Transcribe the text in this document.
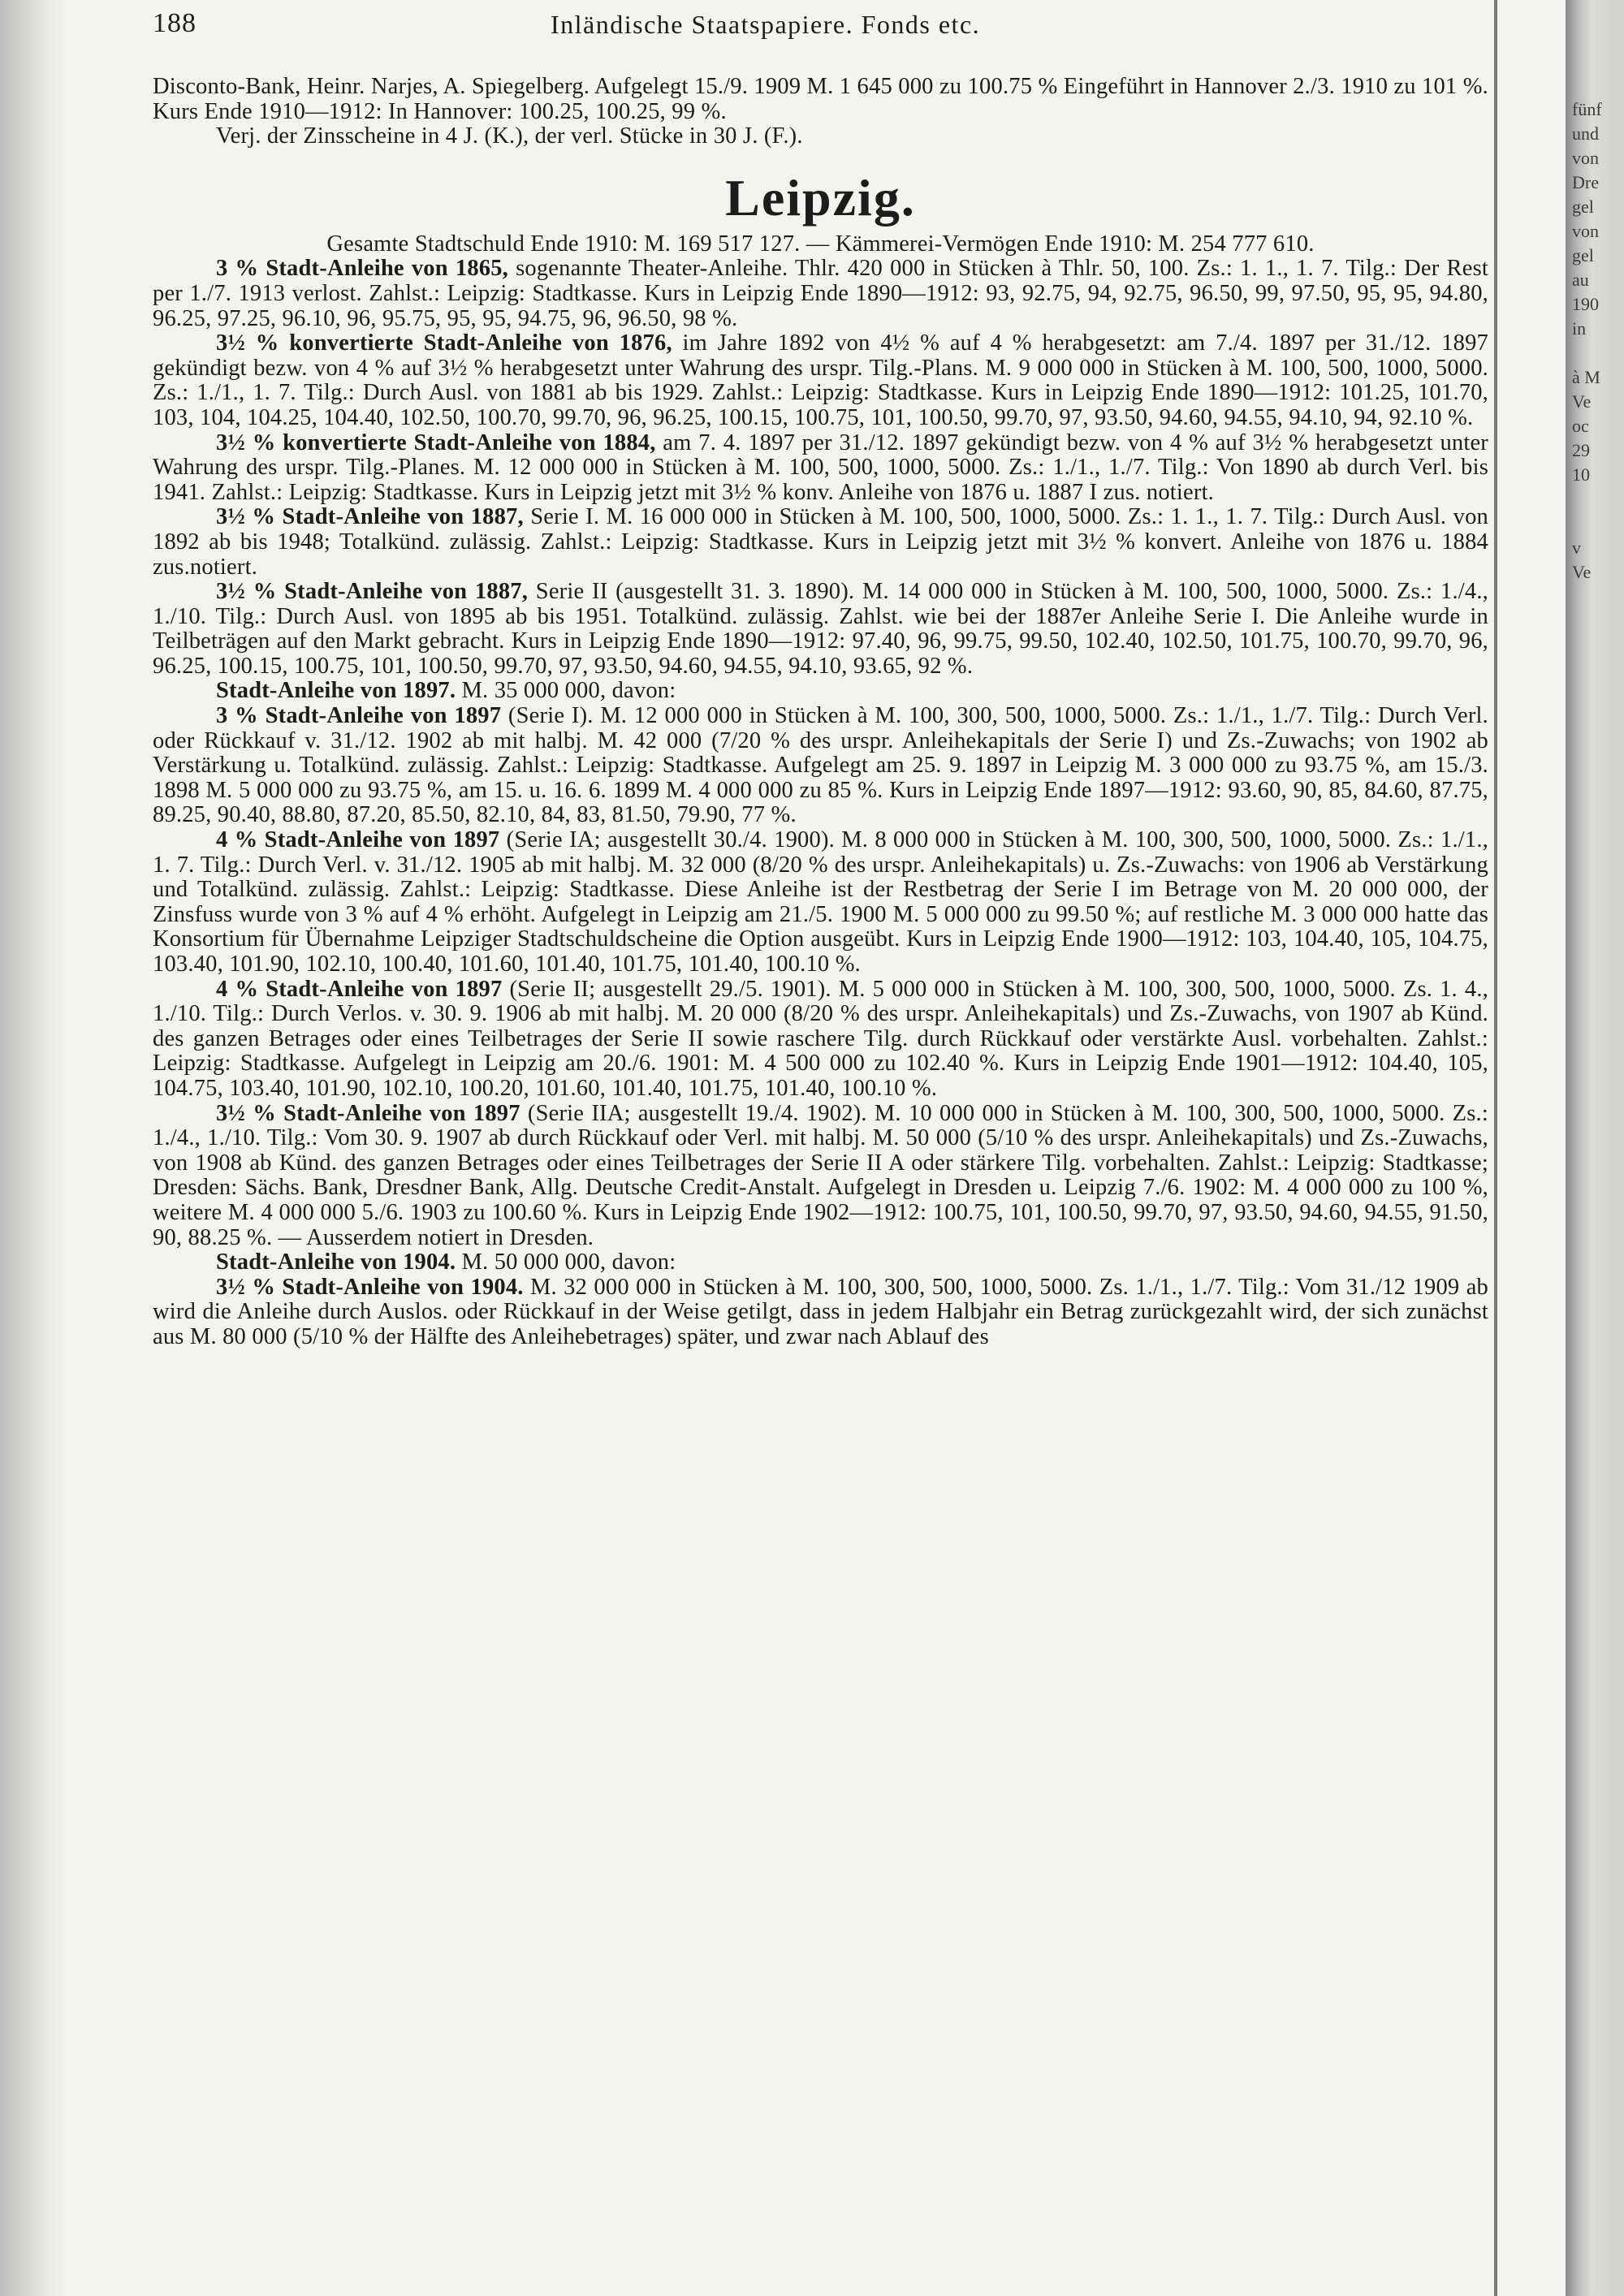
188	Inländische Staatspapiere. Fonds etc.

Disconto-Bank, Heinr. Narjes, A. Spiegelberg. Aufgelegt 15./9. 1909 M. 1 645 000 zu 100.75 % Eingeführt in Hannover 2./3. 1910 zu 101 %. Kurs Ende 1910—1912: In Hannover: 100.25, 100.25, 99 %.

Verj. der Zinsscheine in 4 J. (K.), der verl. Stücke in 30 J. (F.).

Leipzig.

Gesamte Stadtschuld Ende 1910: M. 169 517 127. — Kämmerei-Vermögen Ende 1910: M. 254 777 610.

3 % Stadt-Anleihe von 1865, sogenannte Theater-Anleihe. Thlr. 420 000 in Stücken à Thlr. 50, 100. Zs.: 1. 1., 1. 7. Tilg.: Der Rest per 1./7. 1913 verlost. Zahlst.: Leipzig: Stadtkasse. Kurs in Leipzig Ende 1890—1912: 93, 92.75, 94, 92.75, 96.50, 99, 97.50, 95, 95, 94.80, 96.25, 97.25, 96.10, 96, 95.75, 95, 95, 94.75, 96, 96.50, 98 %.

3½ % konvertierte Stadt-Anleihe von 1876, im Jahre 1892 von 4½ % auf 4 % herabgesetzt: am 7./4. 1897 per 31./12. 1897 gekündigt bezw. von 4 % auf 3½ % herabgesetzt unter Wahrung des urspr. Tilg.-Plans. M. 9 000 000 in Stücken à M. 100, 500, 1000, 5000. Zs.: 1./1., 1. 7. Tilg.: Durch Ausl. von 1881 ab bis 1929. Zahlst.: Leipzig: Stadtkasse. Kurs in Leipzig Ende 1890—1912: 101.25, 101.70, 103, 104, 104.25, 104.40, 102.50, 100.70, 99.70, 96, 96.25, 100.15, 100.75, 101, 100.50, 99.70, 97, 93.50, 94.60, 94.55, 94.10, 94, 92.10 %.

3½ % konvertierte Stadt-Anleihe von 1884, am 7. 4. 1897 per 31./12. 1897 gekündigt bezw. von 4 % auf 3½ % herabgesetzt unter Wahrung des urspr. Tilg.-Planes. M. 12 000 000 in Stücken à M. 100, 500, 1000, 5000. Zs.: 1./1., 1./7. Tilg.: Von 1890 ab durch Verl. bis 1941. Zahlst.: Leipzig: Stadtkasse. Kurs in Leipzig jetzt mit 3½ % konv. Anleihe von 1876 u. 1887 I zus. notiert.

3½ % Stadt-Anleihe von 1887, Serie I. M. 16 000 000 in Stücken à M. 100, 500, 1000, 5000. Zs.: 1. 1., 1. 7. Tilg.: Durch Ausl. von 1892 ab bis 1948; Totalkünd. zulässig. Zahlst.: Leipzig: Stadtkasse. Kurs in Leipzig jetzt mit 3½ % konvert. Anleihe von 1876 u. 1884 zus.notiert.

3½ % Stadt-Anleihe von 1887, Serie II (ausgestellt 31. 3. 1890). M. 14 000 000 in Stücken à M. 100, 500, 1000, 5000. Zs.: 1./4., 1./10. Tilg.: Durch Ausl. von 1895 ab bis 1951. Totalkünd. zulässig. Zahlst. wie bei der 1887er Anleihe Serie I. Die Anleihe wurde in Teilbeträgen auf den Markt gebracht. Kurs in Leipzig Ende 1890—1912: 97.40, 96, 99.75, 99.50, 102.40, 102.50, 101.75, 100.70, 99.70, 96, 96.25, 100.15, 100.75, 101, 100.50, 99.70, 97, 93.50, 94.60, 94.55, 94.10, 93.65, 92 %.

Stadt-Anleihe von 1897. M. 35 000 000, davon:

3 % Stadt-Anleihe von 1897 (Serie I). M. 12 000 000 in Stücken à M. 100, 300, 500, 1000, 5000. Zs.: 1./1., 1./7. Tilg.: Durch Verl. oder Rückkauf v. 31./12. 1902 ab mit halbj. M. 42 000 (7/20 % des urspr. Anleihekapitals der Serie I) und Zs.-Zuwachs; von 1902 ab Verstärkung u. Totalkünd. zulässig. Zahlst.: Leipzig: Stadtkasse. Aufgelegt am 25. 9. 1897 in Leipzig M. 3 000 000 zu 93.75 %, am 15./3. 1898 M. 5 000 000 zu 93.75 %, am 15. u. 16. 6. 1899 M. 4 000 000 zu 85 %. Kurs in Leipzig Ende 1897—1912: 93.60, 90, 85, 84.60, 87.75, 89.25, 90.40, 88.80, 87.20, 85.50, 82.10, 84, 83, 81.50, 79.90, 77 %.

4 % Stadt-Anleihe von 1897 (Serie IA; ausgestellt 30./4. 1900). M. 8 000 000 in Stücken à M. 100, 300, 500, 1000, 5000. Zs.: 1./1., 1. 7. Tilg.: Durch Verl. v. 31./12. 1905 ab mit halbj. M. 32 000 (8/20 % des urspr. Anleihekapitals) u. Zs.-Zuwachs: von 1906 ab Verstärkung und Totalkünd. zulässig. Zahlst.: Leipzig: Stadtkasse. Diese Anleihe ist der Restbetrag der Serie I im Betrage von M. 20 000 000, der Zinsfuss wurde von 3 % auf 4 % erhöht. Aufgelegt in Leipzig am 21./5. 1900 M. 5 000 000 zu 99.50 %; auf restliche M. 3 000 000 hatte das Konsortium für Übernahme Leipziger Stadtschuldscheine die Option ausgeübt. Kurs in Leipzig Ende 1900—1912: 103, 104.40, 105, 104.75, 103.40, 101.90, 102.10, 100.40, 101.60, 101.40, 101.75, 101.40, 100.10 %.

4 % Stadt-Anleihe von 1897 (Serie II; ausgestellt 29./5. 1901). M. 5 000 000 in Stücken à M. 100, 300, 500, 1000, 5000. Zs. 1. 4., 1./10. Tilg.: Durch Verlos. v. 30. 9. 1906 ab mit halbj. M. 20 000 (8/20 % des urspr. Anleihekapitals) und Zs.-Zuwachs, von 1907 ab Künd. des ganzen Betrages oder eines Teilbetrages der Serie II sowie raschere Tilg. durch Rückkauf oder verstärkte Ausl. vorbehalten. Zahlst.: Leipzig: Stadtkasse. Aufgelegt in Leipzig am 20./6. 1901: M. 4 500 000 zu 102.40 %. Kurs in Leipzig Ende 1901—1912: 104.40, 105, 104.75, 103.40, 101.90, 102.10, 100.20, 101.60, 101.40, 101.75, 101.40, 100.10 %.

3½ % Stadt-Anleihe von 1897 (Serie IIA; ausgestellt 19./4. 1902). M. 10 000 000 in Stücken à M. 100, 300, 500, 1000, 5000. Zs.: 1./4., 1./10. Tilg.: Vom 30. 9. 1907 ab durch Rückkauf oder Verl. mit halbj. M. 50 000 (5/10 % des urspr. Anleihekapitals) und Zs.-Zuwachs, von 1908 ab Künd. des ganzen Betrages oder eines Teilbetrages der Serie II A oder stärkere Tilg. vorbehalten. Zahlst.: Leipzig: Stadtkasse; Dresden: Sächs. Bank, Dresdner Bank, Allg. Deutsche Credit-Anstalt. Aufgelegt in Dresden u. Leipzig 7./6. 1902: M. 4 000 000 zu 100 %, weitere M. 4 000 000 5./6. 1903 zu 100.60 %. Kurs in Leipzig Ende 1902—1912: 100.75, 101, 100.50, 99.70, 97, 93.50, 94.60, 94.55, 91.50, 90, 88.25 %. — Ausserdem notiert in Dresden.

Stadt-Anleihe von 1904. M. 50 000 000, davon:

3½ % Stadt-Anleihe von 1904. M. 32 000 000 in Stücken à M. 100, 300, 500, 1000, 5000. Zs. 1./1., 1./7. Tilg.: Vom 31./12 1909 ab wird die Anleihe durch Auslos. oder Rückkauf in der Weise getilgt, dass in jedem Halbjahr ein Betrag zurückgezahlt wird, der sich zunächst aus M. 80 000 (5/10 % der Hälfte des Anleihebetrages) später, und zwar nach Ablauf des

fünf
und
von
Dre
gel
von
gel
au
190
in
à M
Ve
oc
29
10
v
Ve
